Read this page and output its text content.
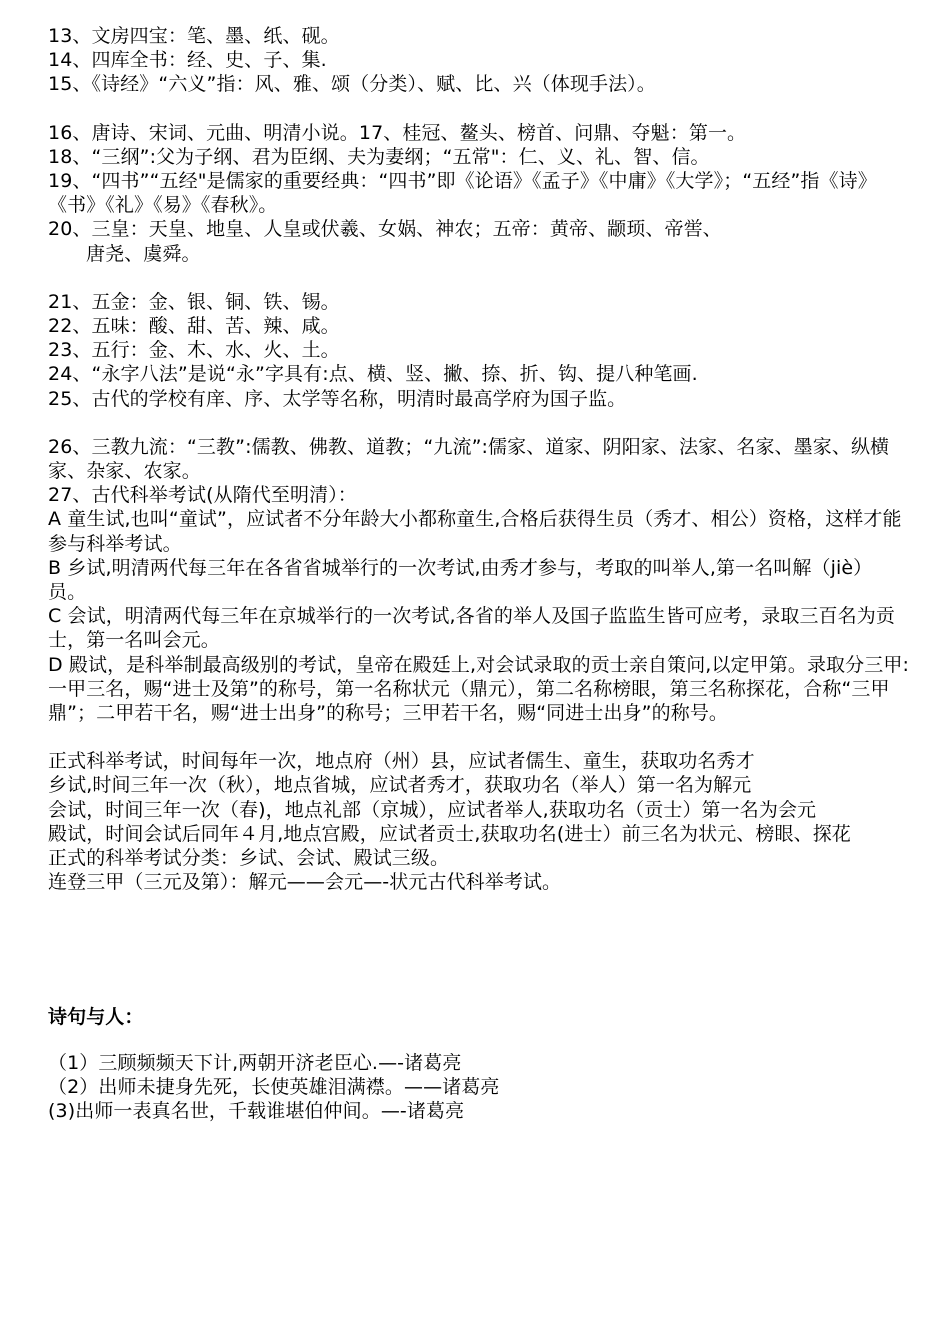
13、文房四宝：笔、墨、纸、砚。

14、四库全书：经、史、子、集.

15、《诗经》“六义”指：风、雅、颂（分类）、赋、比、兴（体现手法）。

16、唐诗、宋词、元曲、明清小说。17、桂冠、鳌头、榜首、问鼎、夺魁：第一。

18、“三纲”:父为子纲、君为臣纲、夫为妻纲；“五常"：仁、义、礼、智、信。

19、“四书”“五经"是儒家的重要经典：“四书”即《论语》《孟子》《中庸》《大学》；“五经”指《诗》《书》《礼》《易》《春秋》。

20、三皇：天皇、地皇、人皇或伏羲、女娲、神农；五帝：黄帝、颛顼、帝喾、

唐尧、虞舜。

21、五金：金、银、铜、铁、锡。

22、五味：酸、甜、苦、辣、咸。

23、五行：金、木、水、火、土。

24、“永字八法”是说“永”字具有:点、横、竖、撇、捺、折、钩、提八种笔画.

25、古代的学校有庠、序、太学等名称，明清时最高学府为国子监。

26、三教九流：“三教”:儒教、佛教、道教；“九流”:儒家、道家、阴阳家、法家、名家、墨家、纵横家、杂家、农家。

27、古代科举考试(从隋代至明清）：

A 童生试,也叫“童试”，应试者不分年龄大小都称童生,合格后获得生员（秀才、相公）资格，这样才能参与科举考试。

B 乡试,明清两代每三年在各省省城举行的一次考试,由秀才参与，考取的叫举人,第一名叫解（jiè）员。

C 会试，明清两代每三年在京城举行的一次考试,各省的举人及国子监监生皆可应考，录取三百名为贡士，第一名叫会元。

D 殿试，是科举制最高级别的考试，皇帝在殿廷上,对会试录取的贡士亲自策问,以定甲第。录取分三甲:一甲三名，赐“进士及第”的称号，第一名称状元（鼎元），第二名称榜眼，第三名称探花，合称“三甲鼎”；二甲若干名，赐“进士出身”的称号；三甲若干名，赐“同进士出身”的称号。

正式科举考试，时间每年一次，地点府（州）县，应试者儒生、童生，获取功名秀才

乡试,时间三年一次（秋），地点省城，应试者秀才，获取功名（举人）第一名为解元

会试，时间三年一次（春)，地点礼部（京城），应试者举人,获取功名（贡士）第一名为会元

殿试，时间会试后同年４月,地点宫殿，应试者贡士,获取功名(进士）前三名为状元、榜眼、探花

正式的科举考试分类：乡试、会试、殿试三级。

连登三甲（三元及第）：解元——会元—-状元古代科举考试。

诗句与人：

（1）三顾频频天下计,两朝开济老臣心.—-诸葛亮

（2）出师未捷身先死，长使英雄泪满襟。——诸葛亮

(3)出师一表真名世，千载谁堪伯仲间。—-诸葛亮
